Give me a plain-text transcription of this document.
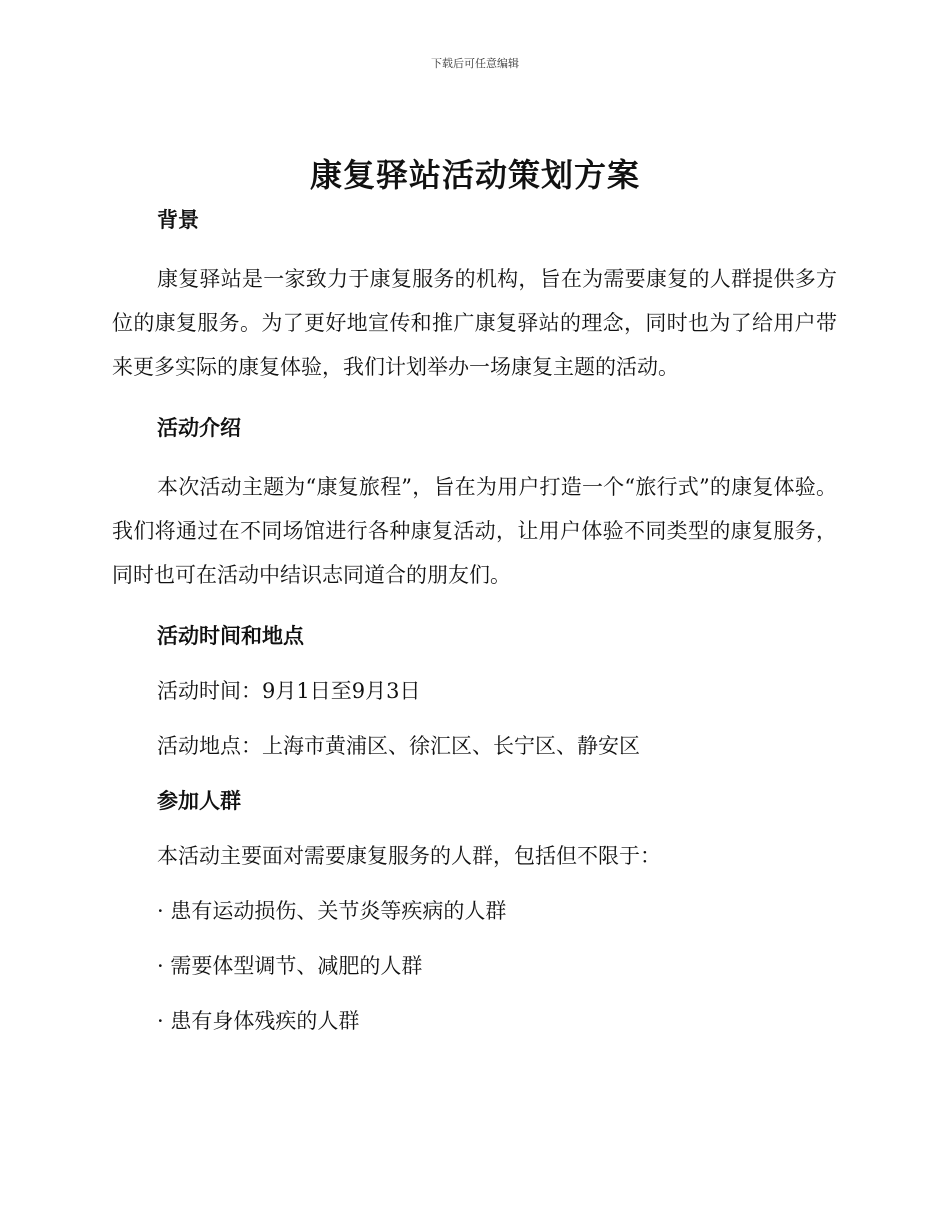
下载后可任意编辑
康复驿站活动策划方案
背景

康复驿站是一家致力于康复服务的机构，旨在为需要康复的人群提供多方位的康复服务。为了更好地宣传和推广康复驿站的理念，同时也为了给用户带来更多实际的康复体验，我们计划举办一场康复主题的活动。

活动介绍

本次活动主题为“康复旅程”，旨在为用户打造一个“旅行式”的康复体验。我们将通过在不同场馆进行各种康复活动，让用户体验不同类型的康复服务，同时也可在活动中结识志同道合的朋友们。

活动时间和地点

活动时间：9月1日至9月3日

活动地点：上海市黄浦区、徐汇区、长宁区、静安区

参加人群

本活动主要面对需要康复服务的人群，包括但不限于：

· 患有运动损伤、关节炎等疾病的人群

· 需要体型调节、减肥的人群

· 患有身体残疾的人群
